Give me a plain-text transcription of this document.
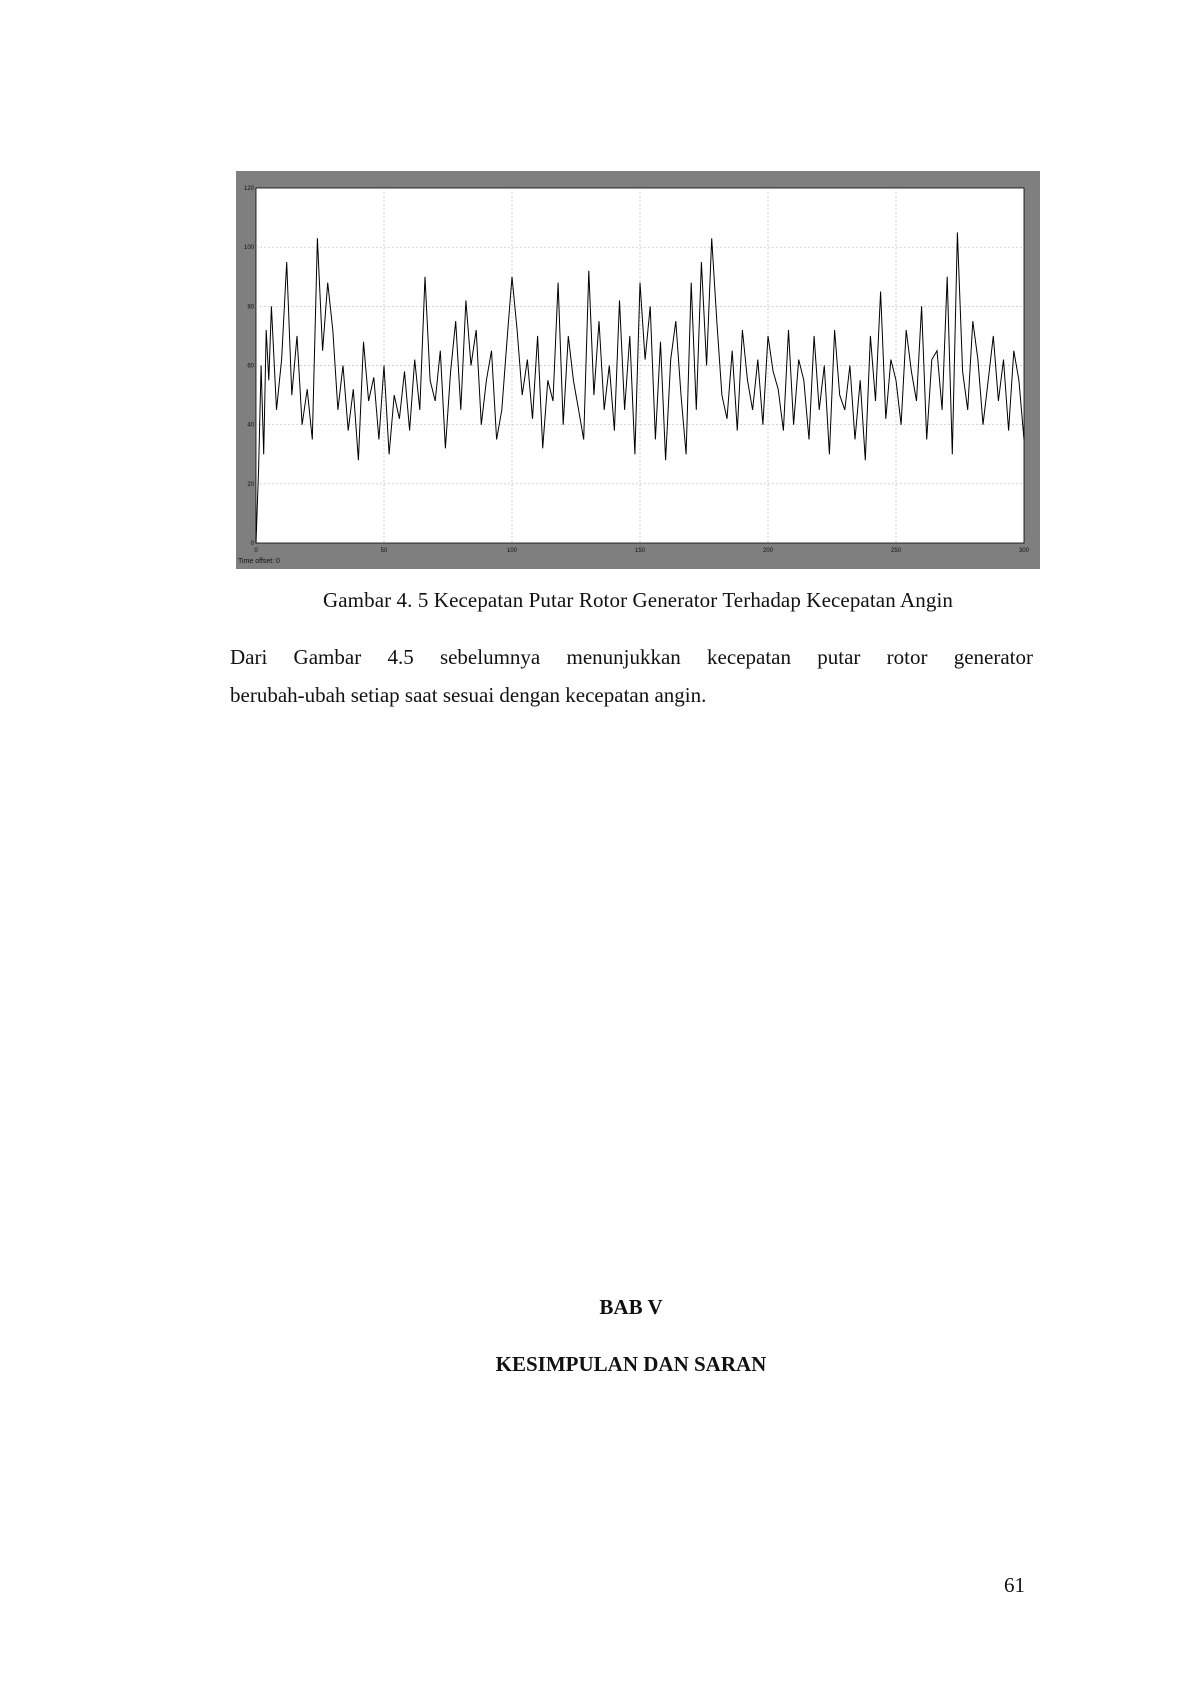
0	50	100	150	200	250	300
0
20
40
60
80
100
120
Time offset: 0
Gambar 4. 5 Kecepatan Putar Rotor Generator Terhadap Kecepatan Angin
Dari Gambar 4.5 sebelumnya menunjukkan kecepatan putar rotor generator
berubah-ubah setiap saat sesuai dengan kecepatan angin.
BAB V
KESIMPULAN DAN SARAN
61
